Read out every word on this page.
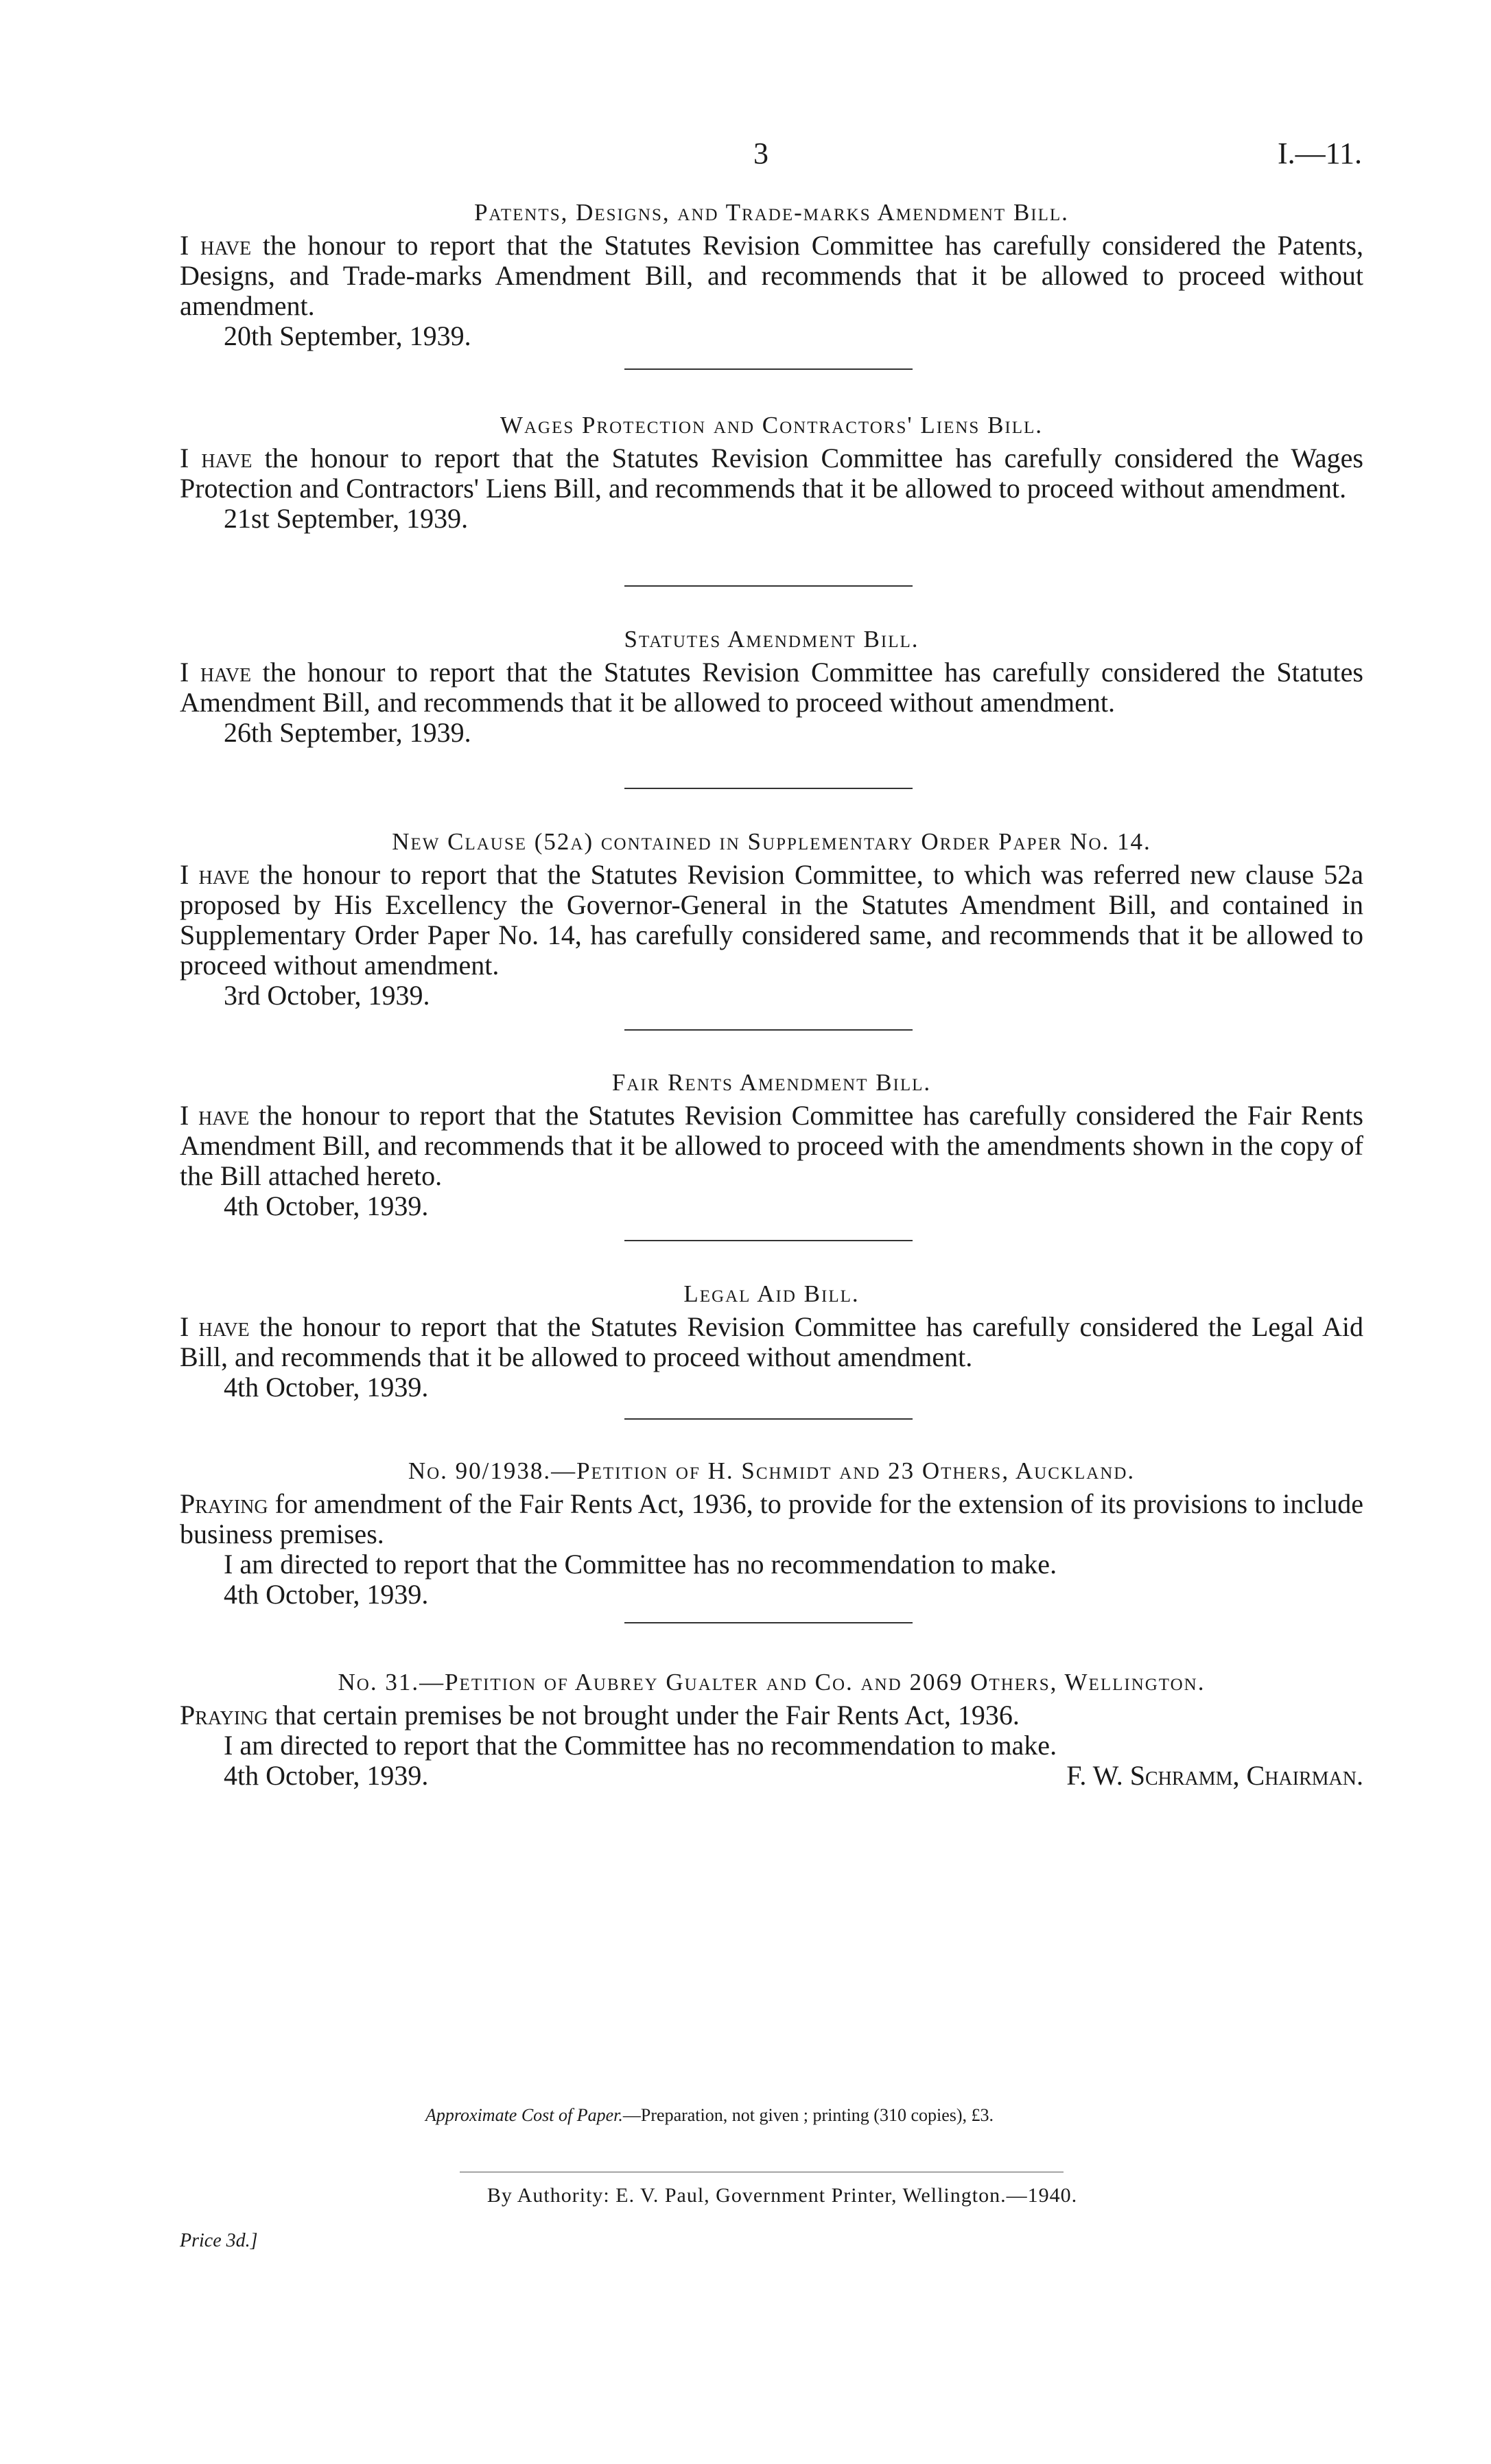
3	I.—11.
Patents, Designs, and Trade-marks Amendment Bill.

I have the honour to report that the Statutes Revision Committee has carefully considered the Patents, Designs, and Trade-marks Amendment Bill, and recommends that it be allowed to proceed without amendment.

20th September, 1939.

Wages Protection and Contractors' Liens Bill.

I have the honour to report that the Statutes Revision Committee has carefully considered the Wages Protection and Contractors' Liens Bill, and recommends that it be allowed to proceed without amendment.

21st September, 1939.

Statutes Amendment Bill.

I have the honour to report that the Statutes Revision Committee has carefully considered the Statutes Amendment Bill, and recommends that it be allowed to proceed without amendment.

26th September, 1939.

New Clause (52a) contained in Supplementary Order Paper No. 14.

I have the honour to report that the Statutes Revision Committee, to which was referred new clause 52a proposed by His Excellency the Governor-General in the Statutes Amendment Bill, and contained in Supplementary Order Paper No. 14, has carefully considered same, and recommends that it be allowed to proceed without amendment.

3rd October, 1939.

Fair Rents Amendment Bill.

I have the honour to report that the Statutes Revision Committee has carefully considered the Fair Rents Amendment Bill, and recommends that it be allowed to proceed with the amendments shown in the copy of the Bill attached hereto.

4th October, 1939.

Legal Aid Bill.

I have the honour to report that the Statutes Revision Committee has carefully considered the Legal Aid Bill, and recommends that it be allowed to proceed without amendment.

4th October, 1939.

No. 90/1938.—Petition of H. Schmidt and 23 Others, Auckland.

Praying for amendment of the Fair Rents Act, 1936, to provide for the extension of its provisions to include business premises.

I am directed to report that the Committee has no recommendation to make.

4th October, 1939.

No. 31.—Petition of Aubrey Gualter and Co. and 2069 Others, Wellington.

Praying that certain premises be not brought under the Fair Rents Act, 1936.

I am directed to report that the Committee has no recommendation to make.

4th October, 1939.	F. W. Schramm, Chairman.
Approximate Cost of Paper.—Preparation, not given ; printing (310 copies), £3.
By Authority: E. V. Paul, Government Printer, Wellington.—1940.
Price 3d.]
